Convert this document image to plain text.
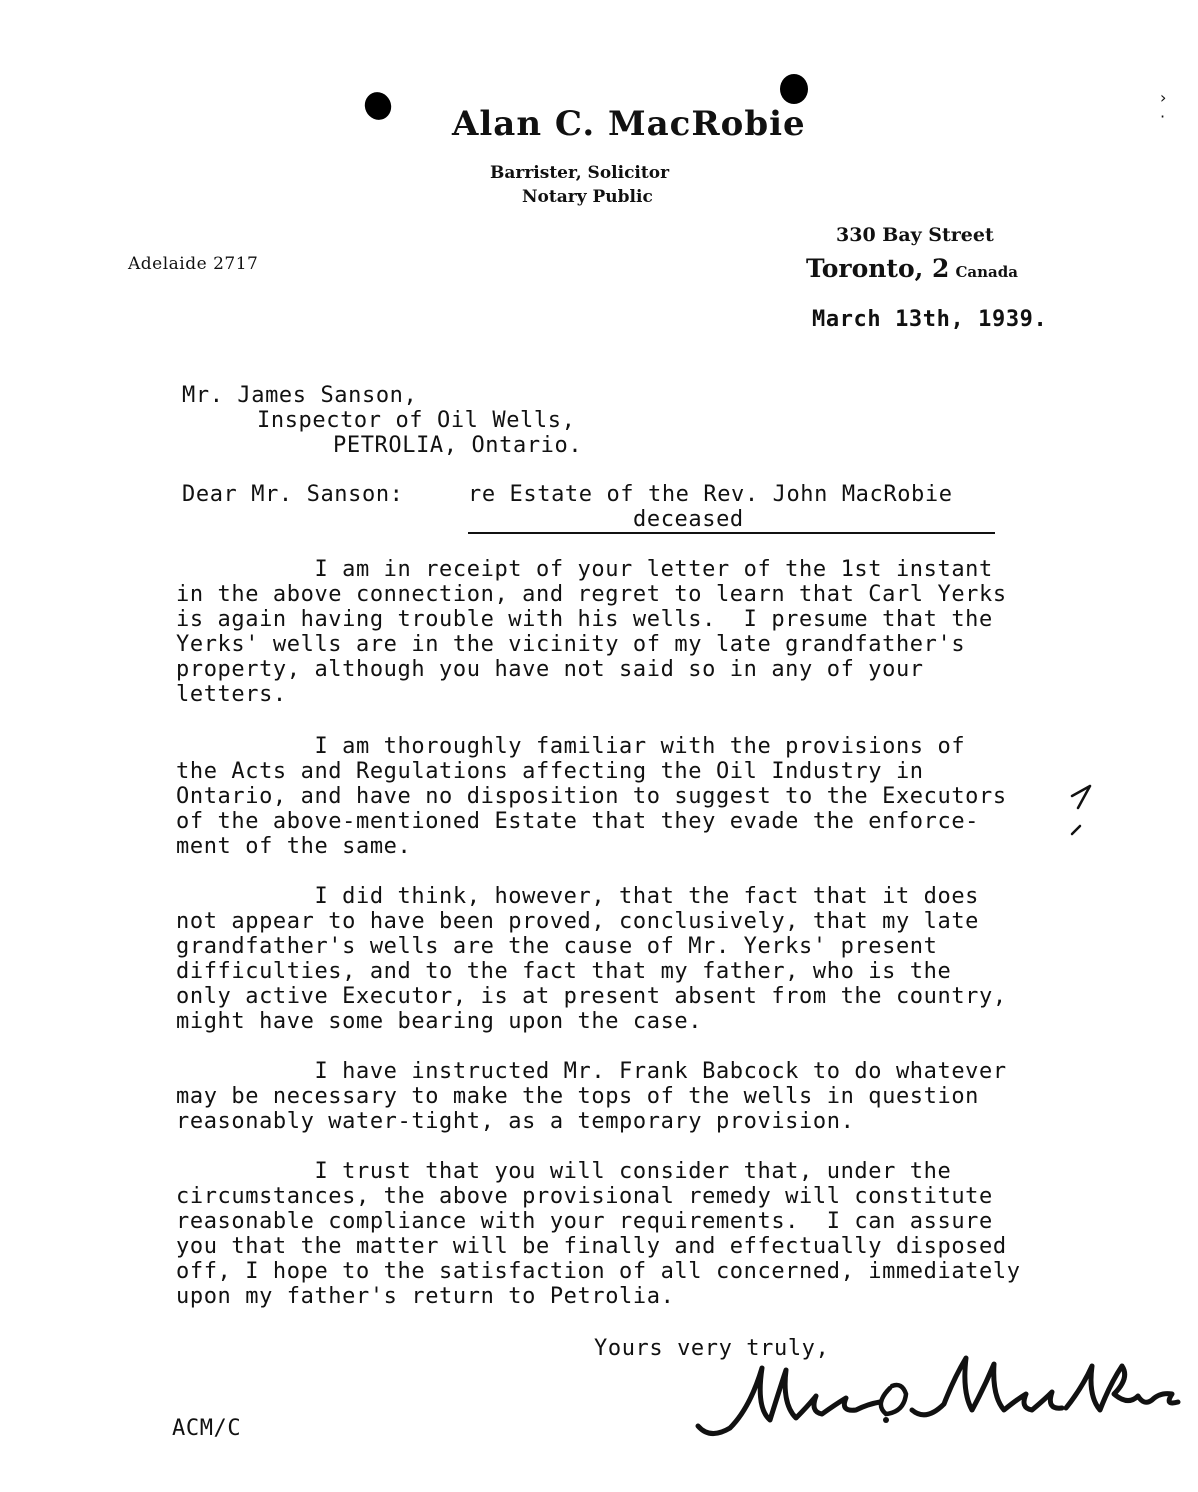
›
·
Alan C. MacRobie
Barrister, Solicitor
Notary Public
Adelaide 2717
330 Bay Street
Toronto, 2 Canada
March 13th, 1939.
Mr. James Sanson,
Inspector of Oil Wells,
PETROLIA, Ontario.
Dear Mr. Sanson:	re Estate of the Rev. John MacRobie
deceased
I am in receipt of your letter of the 1st instant
in the above connection, and regret to learn that Carl Yerks
is again having trouble with his wells.  I presume that the
Yerks' wells are in the vicinity of my late grandfather's
property, although you have not said so in any of your
letters.
I am thoroughly familiar with the provisions of
the Acts and Regulations affecting the Oil Industry in
Ontario, and have no disposition to suggest to the Executors
of the above-mentioned Estate that they evade the enforce-
ment of the same.
I did think, however, that the fact that it does
not appear to have been proved, conclusively, that my late
grandfather's wells are the cause of Mr. Yerks' present
difficulties, and to the fact that my father, who is the
only active Executor, is at present absent from the country,
might have some bearing upon the case.
I have instructed Mr. Frank Babcock to do whatever
may be necessary to make the tops of the wells in question
reasonably water-tight, as a temporary provision.
I trust that you will consider that, under the
circumstances, the above provisional remedy will constitute
reasonable compliance with your requirements.  I can assure
you that the matter will be finally and effectually disposed
off, I hope to the satisfaction of all concerned, immediately
upon my father's return to Petrolia.
Yours very truly,
ACM/C
